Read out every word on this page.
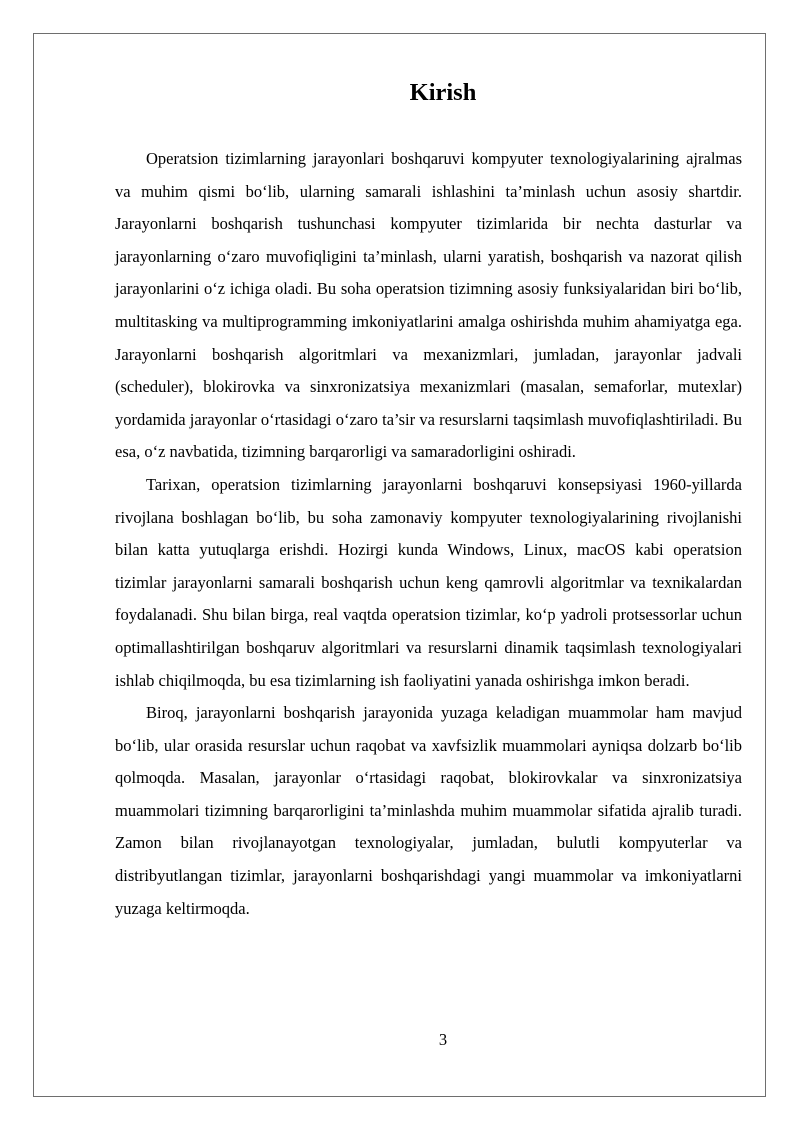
Kirish

Operatsion tizimlarning jarayonlari boshqaruvi kompyuter texnologiyalarining ajralmas va muhim qismi bo‘lib, ularning samarali ishlashini ta’minlash uchun asosiy shartdir. Jarayonlarni boshqarish tushunchasi kompyuter tizimlarida bir nechta dasturlar va jarayonlarning o‘zaro muvofiqligini ta’minlash, ularni yaratish, boshqarish va nazorat qilish jarayonlarini o‘z ichiga oladi. Bu soha operatsion tizimning asosiy funksiyalaridan biri bo‘lib, multitasking va multiprogramming imkoniyatlarini amalga oshirishda muhim ahamiyatga ega. Jarayonlarni boshqarish algoritmlari va mexanizmlari, jumladan, jarayonlar jadvali (scheduler), blokirovka va sinxronizatsiya mexanizmlari (masalan, semaforlar, mutexlar) yordamida jarayonlar o‘rtasidagi o‘zaro ta’sir va resurslarni taqsimlash muvofiqlashtiriladi. Bu esa, o‘z navbatida, tizimning barqarorligi va samaradorligini oshiradi.

Tarixan, operatsion tizimlarning jarayonlarni boshqaruvi konsepsiyasi 1960-yillarda rivojlana boshlagan bo‘lib, bu soha zamonaviy kompyuter texnologiyalarining rivojlanishi bilan katta yutuqlarga erishdi. Hozirgi kunda Windows, Linux, macOS kabi operatsion tizimlar jarayonlarni samarali boshqarish uchun keng qamrovli algoritmlar va texnikalardan foydalanadi. Shu bilan birga, real vaqtda operatsion tizimlar, ko‘p yadroli protsessorlar uchun optimallashtirilgan boshqaruv algoritmlari va resurslarni dinamik taqsimlash texnologiyalari ishlab chiqilmoqda, bu esa tizimlarning ish faoliyatini yanada oshirishga imkon beradi.

Biroq, jarayonlarni boshqarish jarayonida yuzaga keladigan muammolar ham mavjud bo‘lib, ular orasida resurslar uchun raqobat va xavfsizlik muammolari ayniqsa dolzarb bo‘lib qolmoqda. Masalan, jarayonlar o‘rtasidagi raqobat, blokirovkalar va sinxronizatsiya muammolari tizimning barqarorligini ta’minlashda muhim muammolar sifatida ajralib turadi. Zamon bilan rivojlanayotgan texnologiyalar, jumladan, bulutli kompyuterlar va distribyutlangan tizimlar, jarayonlarni boshqarishdagi yangi muammolar va imkoniyatlarni yuzaga keltirmoqda.

3
